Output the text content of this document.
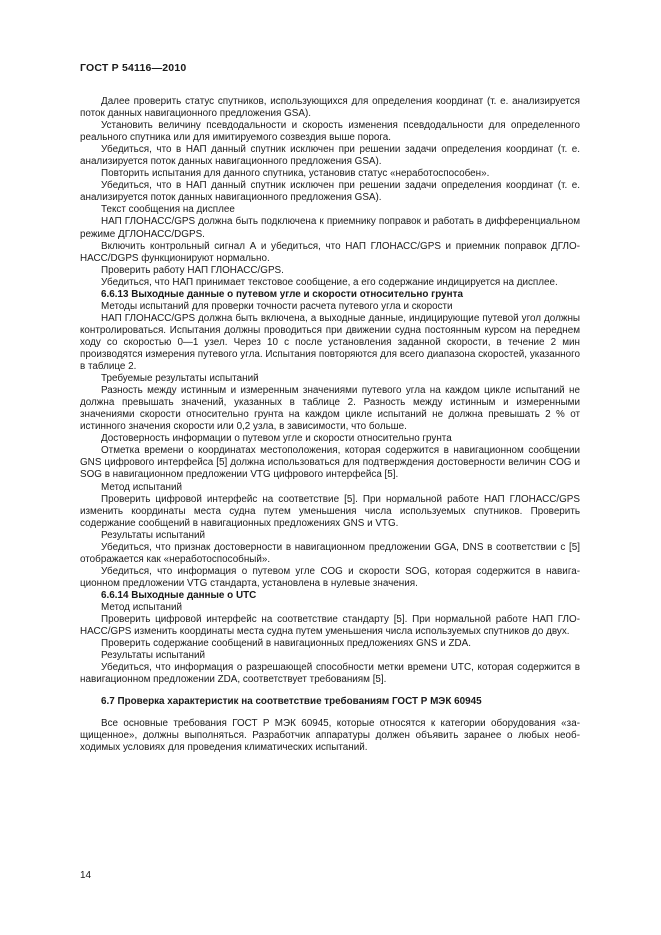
ГОСТ Р 54116—2010

Далее проверить статус спутников, использующихся для определения координат (т. е. анализируется поток данных навигационного предложения GSA).

Установить величину псевдодальности и скорость изменения псевдодальности для определенного реального спутника или для имитируемого созвездия выше порога.

Убедиться, что в НАП данный спутник исключен при решении задачи определения координат (т. е. анализируется поток данных навигационного предложения GSA).

Повторить испытания для данного спутника, установив статус «неработоспособен».

Убедиться, что в НАП данный спутник исключен при решении задачи определения координат (т. е. анализируется поток данных навигационного предложения GSA).

Текст сообщения на дисплее

НАП ГЛОНАСС/GPS должна быть подключена к приемнику поправок и работать в дифференциальном режиме ДГЛОНАСС/DGPS.

Включить контрольный сигнал А и убедиться, что НАП ГЛОНАСС/GPS и приемник поправок ДГЛОНАСС/DGPS функционируют нормально.

Проверить работу НАП ГЛОНАСС/GPS.

Убедиться, что НАП принимает текстовое сообщение, а его содержание индицируется на дисплее.

6.6.13 Выходные данные о путевом угле и скорости относительно грунта

Методы испытаний для проверки точности расчета путевого угла и скорости

НАП ГЛОНАСС/GPS должна быть включена, а выходные данные, индицирующие путевой угол должны контролироваться. Испытания должны проводиться при движении судна постоянным курсом на переднем ходу со скоростью 0—1 узел. Через 10 с после установления заданной скорости, в течение 2 мин производятся измерения путевого угла. Испытания повторяются для всего диапазона скоростей, указанного в таблице 2.

Требуемые результаты испытаний

Разность между истинным и измеренным значениями путевого угла на каждом цикле испытаний не должна превышать значений, указанных в таблице 2. Разность между истинным и измеренными значениями скорости относительно грунта на каждом цикле испытаний не должна превышать 2 % от истинного значения скорости или 0,2 узла, в зависимости, что больше.

Достоверность информации о путевом угле и скорости относительно грунта

Отметка времени о координатах местоположения, которая содержится в навигационном сообщении GNS цифрового интерфейса [5] должна использоваться для подтверждения достоверности величин COG и SOG в навигационном предложении VTG цифрового интерфейса [5].

Метод испытаний

Проверить цифровой интерфейс на соответствие [5]. При нормальной работе НАП ГЛОНАСС/GPS изменить координаты места судна путем уменьшения числа используемых спутников. Проверить содержание сообщений в навигационных предложениях GNS и VTG.

Результаты испытаний

Убедиться, что признак достоверности в навигационном предложении GGA, DNS в соответствии с [5] отображается как «неработоспособный».

Убедиться, что информация о путевом угле COG и скорости SOG, которая содержится в навигационном предложении VTG стандарта, установлена в нулевые значения.

6.6.14 Выходные данные о UTC

Метод испытаний

Проверить цифровой интерфейс на соответствие стандарту [5]. При нормальной работе НАП ГЛОНАСС/GPS изменить координаты места судна путем уменьшения числа используемых спутников до двух.

Проверить содержание сообщений в навигационных предложениях GNS и ZDA.

Результаты испытаний

Убедиться, что информация о разрешающей способности метки времени UTC, которая содержится в навигационном предложении ZDA, соответствует требованиям [5].

6.7 Проверка характеристик на соответствие требованиям ГОСТ Р МЭК 60945

Все основные требования ГОСТ Р МЭК 60945, которые относятся к категории оборудования «защищенное», должны выполняться. Разработчик аппаратуры должен объявить заранее о любых необходимых условиях для проведения климатических испытаний.

14
